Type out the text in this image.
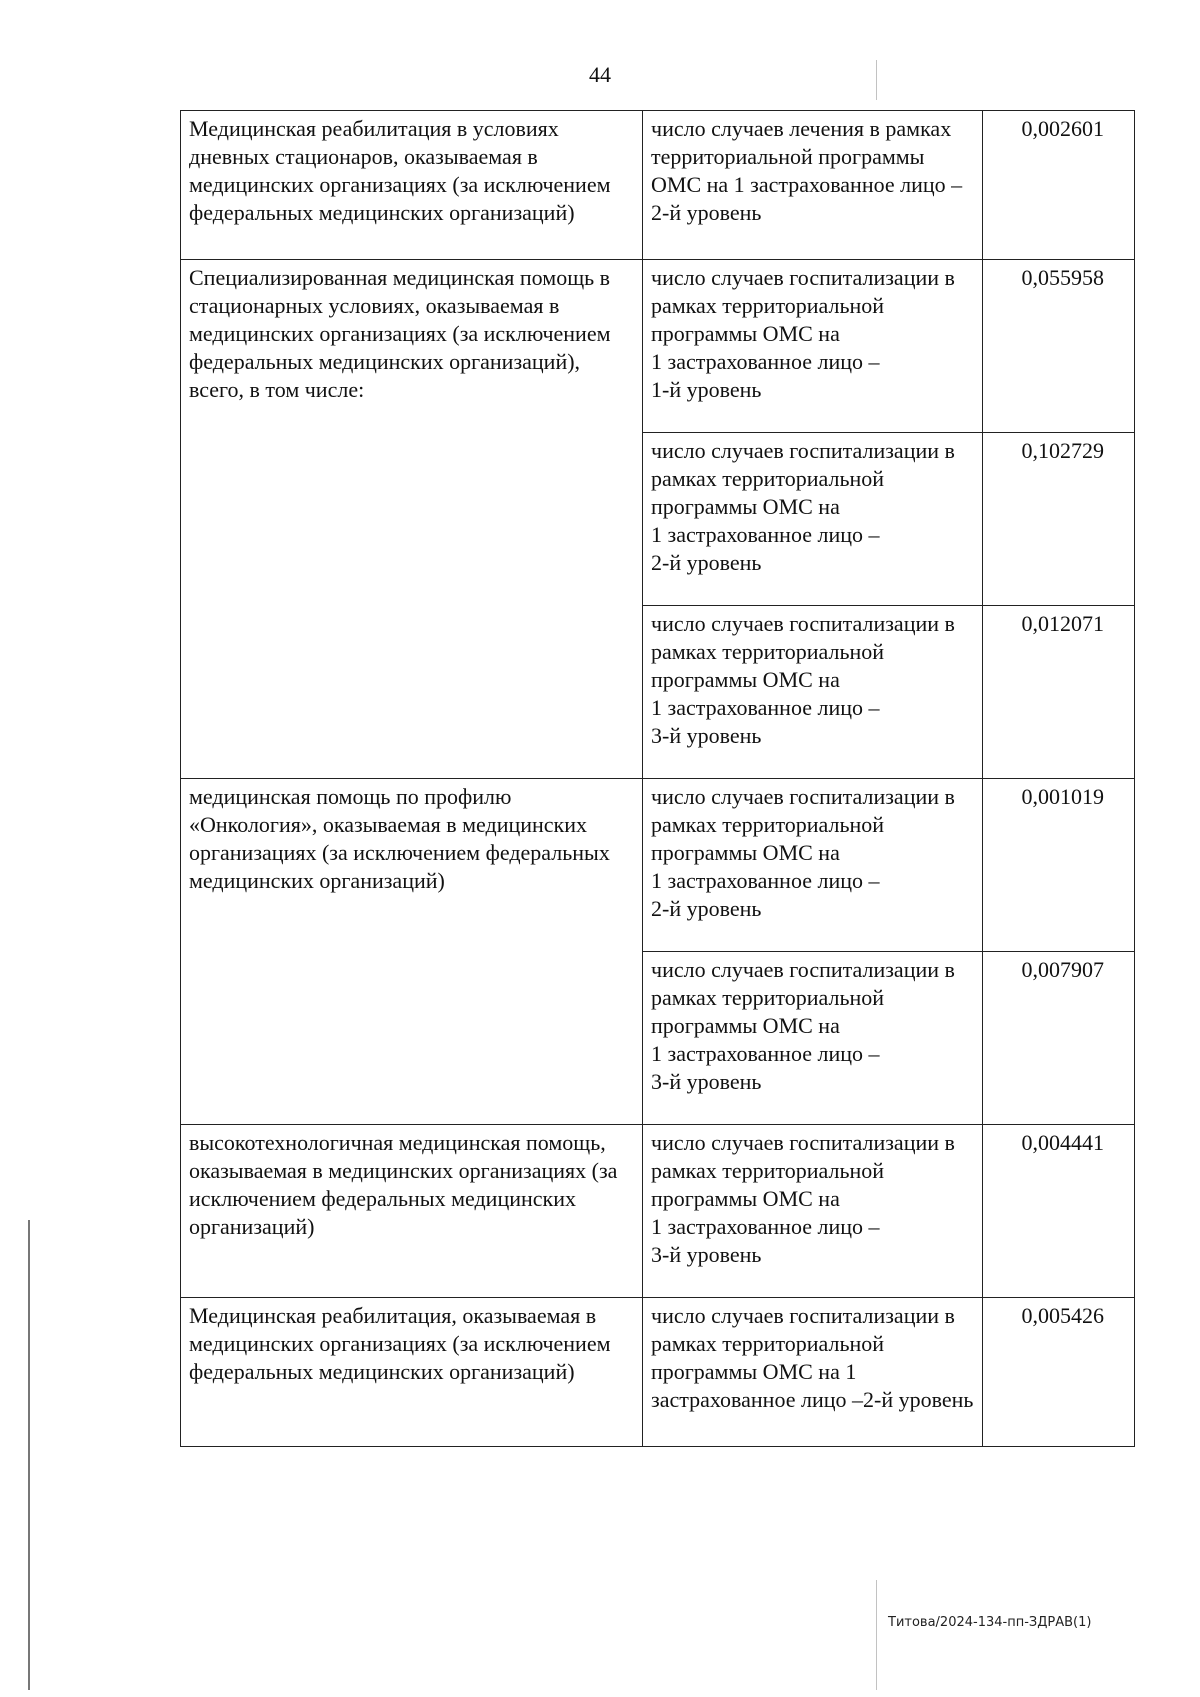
44
Медицинская реабилитация в условиях дневных стационаров, оказываемая в медицинских организациях (за исключением федеральных медицинских организаций)	число случаев лечения в рамках территориальной программы ОМС на 1 застрахованное лицо –
2-й уровень	0,002601
Специализированная медицинская помощь в стационарных условиях, оказываемая в медицинских организациях (за исключением федеральных медицинских организаций), всего, в том числе:	число случаев госпитализации в рамках территориальной программы ОМС на
1 застрахованное лицо –
1-й уровень	0,055958
	число случаев госпитализации в рамках территориальной программы ОМС на
1 застрахованное лицо –
2-й уровень	0,102729
	число случаев госпитализации в рамках территориальной программы ОМС на
1 застрахованное лицо –
3-й уровень	0,012071
медицинская помощь по профилю «Онкология», оказываемая в медицинских организациях (за исключением федеральных медицинских организаций)	число случаев госпитализации в рамках территориальной программы ОМС на
1 застрахованное лицо –
2-й уровень	0,001019
	число случаев госпитализации в рамках территориальной программы ОМС на
1 застрахованное лицо –
3-й уровень	0,007907
высокотехнологичная медицинская помощь, оказываемая в медицинских организациях (за исключением федеральных медицинских организаций)	число случаев госпитализации в рамках территориальной программы ОМС на
1 застрахованное лицо –
3-й уровень	0,004441
Медицинская реабилитация, оказываемая в медицинских организациях (за исключением федеральных медицинских организаций)	число случаев госпитализации в рамках территориальной программы ОМС на 1 застрахованное лицо –2-й уровень	0,005426
Титова/2024-134-пп-ЗДРАВ(1)
